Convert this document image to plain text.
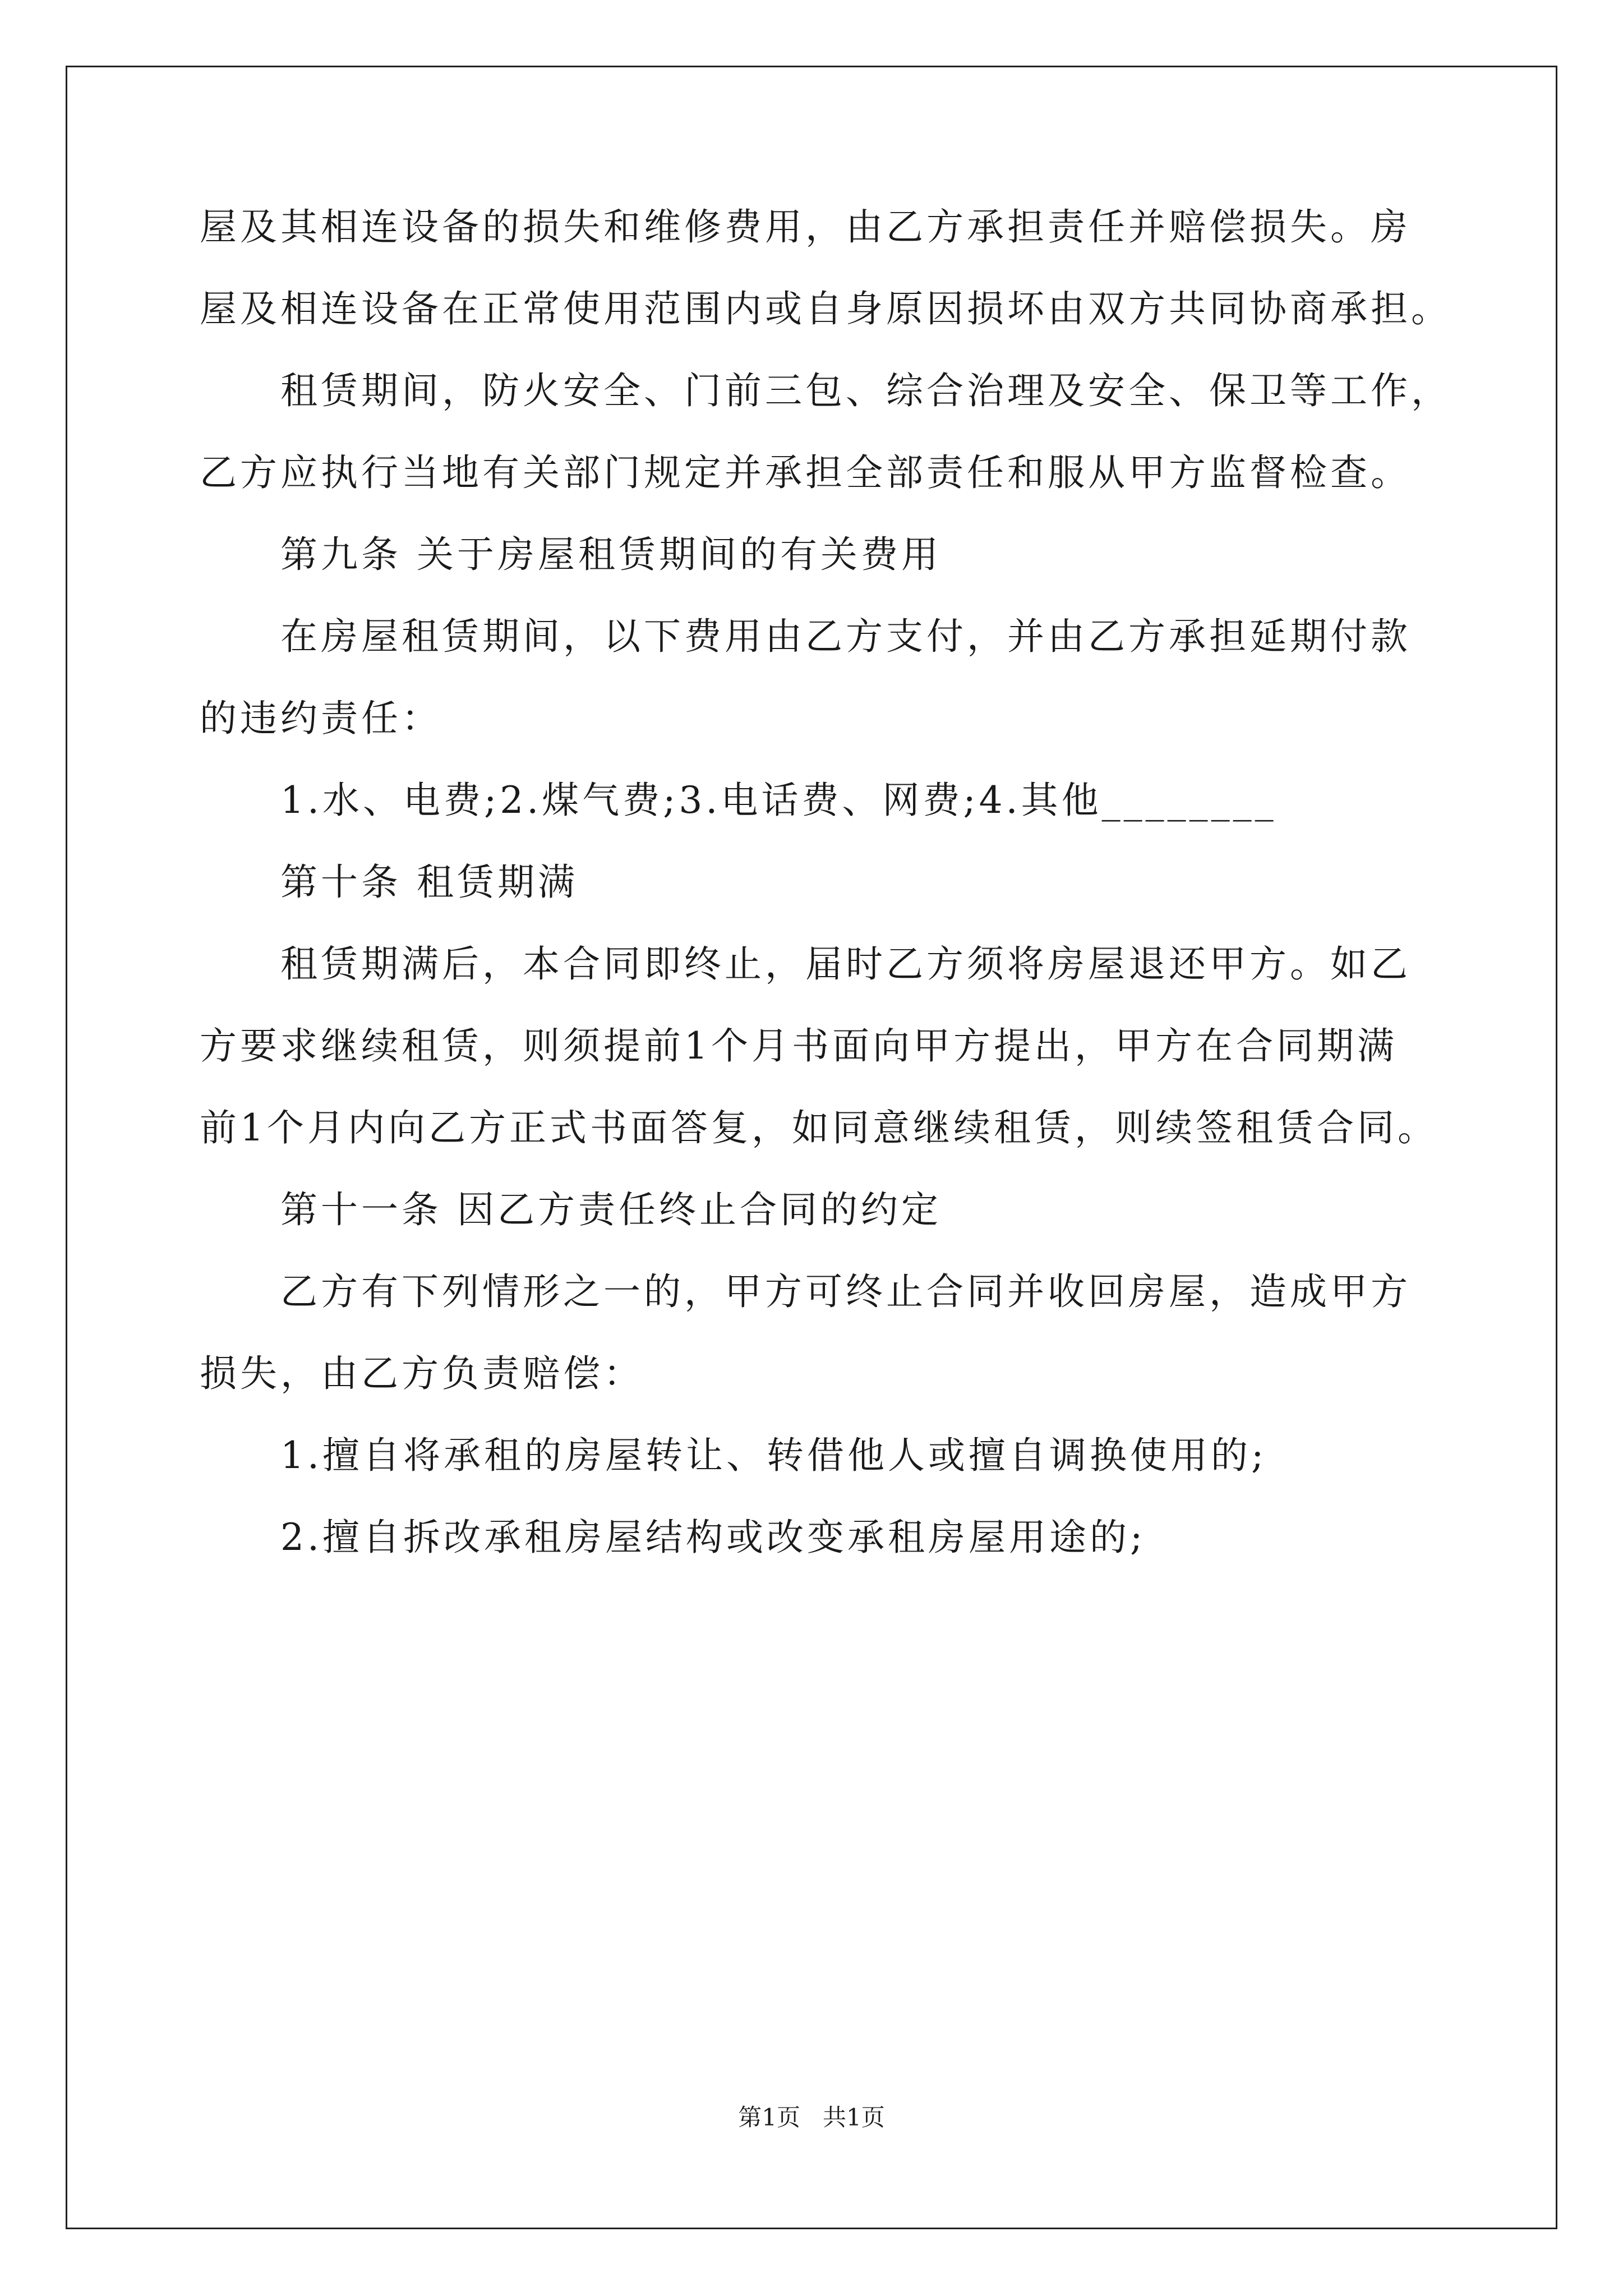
屋及其相连设备的损失和维修费用，由乙方承担责任并赔偿损失。房
屋及相连设备在正常使用范围内或自身原因损坏由双方共同协商承担。
租赁期间，防火安全、门前三包、综合治理及安全、保卫等工作，
乙方应执行当地有关部门规定并承担全部责任和服从甲方监督检查。
第九条 关于房屋租赁期间的有关费用
在房屋租赁期间，以下费用由乙方支付，并由乙方承担延期付款
的违约责任：
1.水、电费;2.煤气费;3.电话费、网费;4.其他________
第十条 租赁期满
租赁期满后，本合同即终止，届时乙方须将房屋退还甲方。如乙
方要求继续租赁，则须提前1个月书面向甲方提出，甲方在合同期满
前1个月内向乙方正式书面答复，如同意继续租赁，则续签租赁合同。
第十一条 因乙方责任终止合同的约定
乙方有下列情形之一的，甲方可终止合同并收回房屋，造成甲方
损失，由乙方负责赔偿：
1.擅自将承租的房屋转让、转借他人或擅自调换使用的;
2.擅自拆改承租房屋结构或改变承租房屋用途的;
第1页   共1页
